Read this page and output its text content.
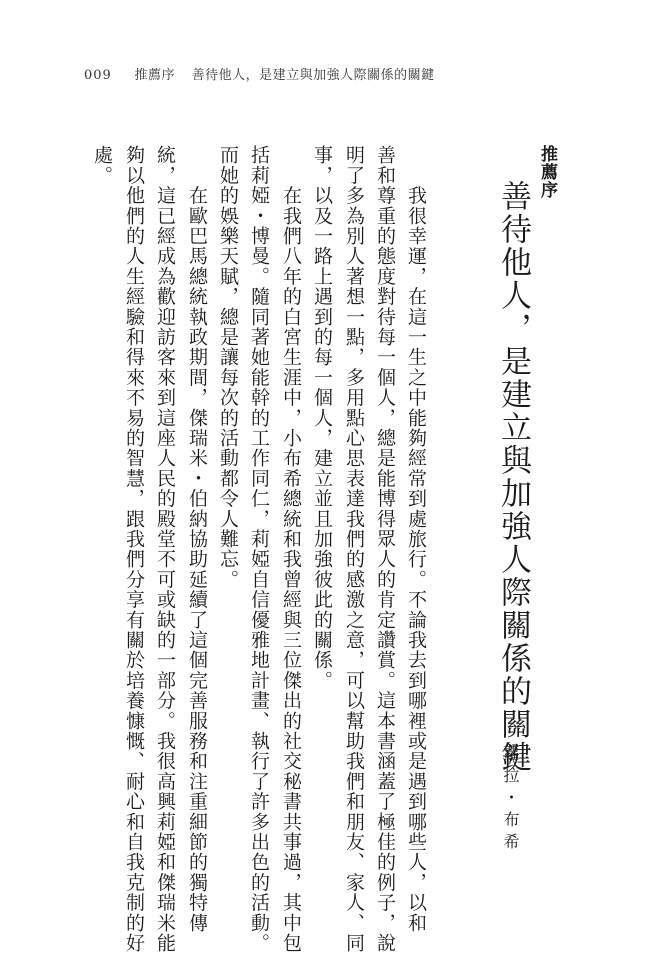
009 推薦序 善待他人，是建立與加強人際關係的關鍵
推薦序
善待他人，是建立與加強人際關係的關鍵
蘿拉・布希
　　我很幸運，在這一生之中能夠經常到處旅行。不論我去到哪裡或是遇到哪些人，以和
善和尊重的態度對待每一個人，總是能博得眾人的肯定讚賞。這本書涵蓋了極佳的例子，說
明了多為別人著想一點，多用點心思表達我們的感激之意，可以幫助我們和朋友、家人、同
事，以及一路上遇到的每一個人，建立並且加強彼此的關係。
　　在我們八年的白宮生涯中，小布希總統和我曾經與三位傑出的社交秘書共事過，其中包
括莉婭・博曼。隨同著她能幹的工作同仁，莉婭自信優雅地計畫、執行了許多出色的活動。
而她的娛樂天賦，總是讓每次的活動都令人難忘。
　　在歐巴馬總統執政期間，傑瑞米・伯納協助延續了這個完善服務和注重細節的獨特傳
統，這已經成為歡迎訪客來到這座人民的殿堂不可或缺的一部分。我很高興莉婭和傑瑞米能
夠以他們的人生經驗和得來不易的智慧，跟我們分享有關於培養慷慨、耐心和自我克制的好
處。
